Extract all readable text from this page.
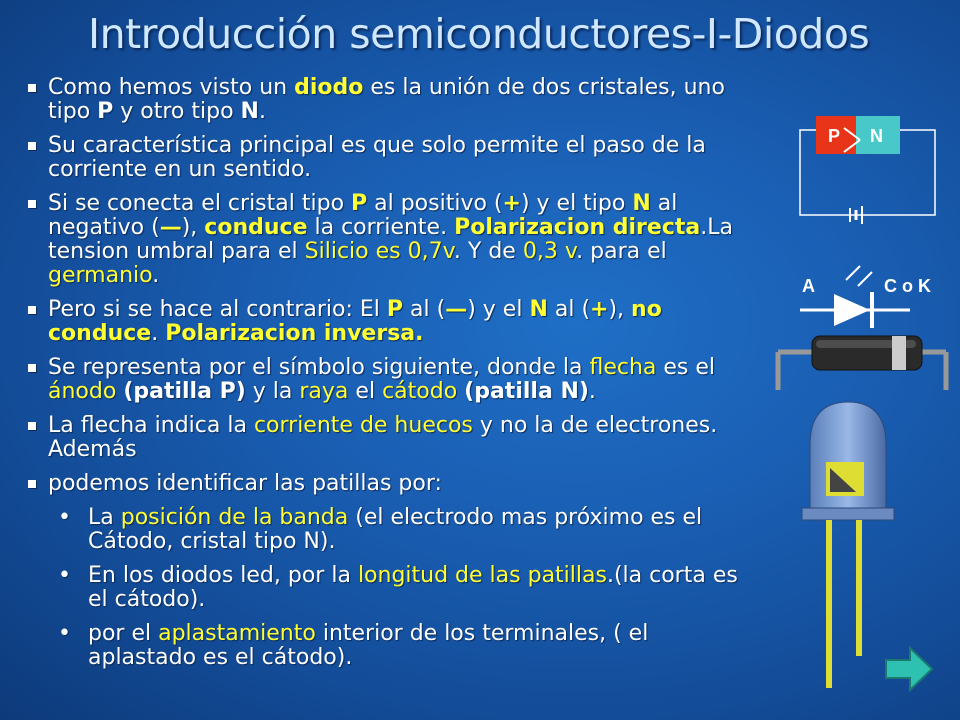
Introducción semiconductores-I-Diodos
Como hemos visto un diodo es la unión de dos cristales, uno tipo P y otro tipo N.
Su característica principal es que solo permite el paso de la corriente en un sentido.
Si se conecta el cristal tipo P al positivo (+) y el tipo N al negativo (—), conduce la corriente. Polarizacion directa.La tension umbral para el Silicio es 0,7v. Y de 0,3 v. para el germanio.
Pero si se hace al contrario: El P al (—) y el N al (+), no conduce. Polarizacion inversa.
Se representa por el símbolo siguiente, donde la flecha es el ánodo (patilla P) y la raya el cátodo (patilla N).
La flecha indica la corriente de huecos y no la de electrones. Además
podemos identificar las patillas por:
• La posición de la banda (el electrodo mas próximo es el Cátodo, cristal tipo N).
• En los diodos led, por la longitud de las patillas.(la corta es el cátodo).
• por el aplastamiento interior de los terminales, ( el aplastado es el cátodo).
P N
A	C o K
